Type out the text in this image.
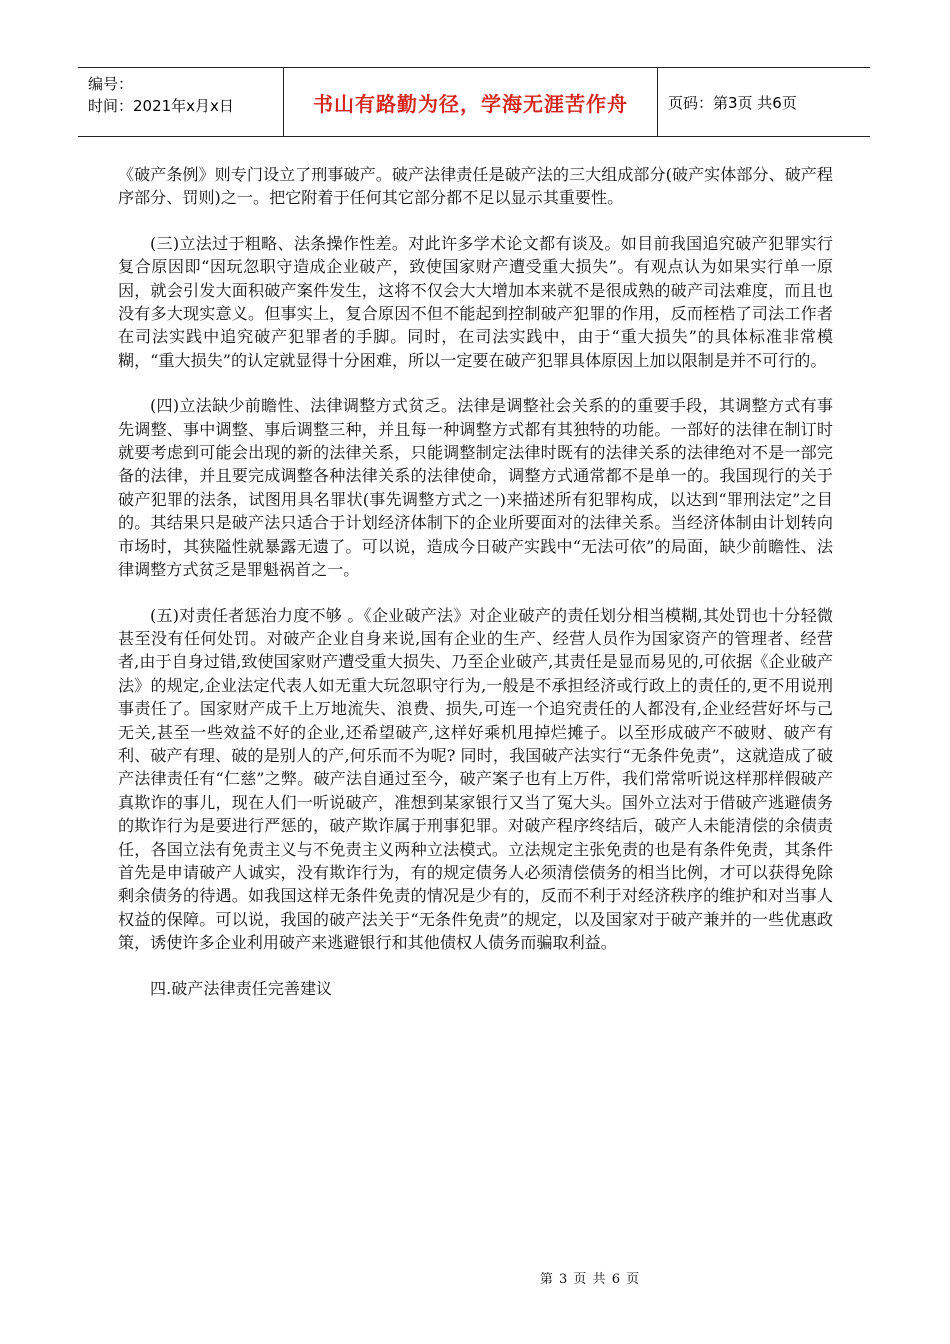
编号：
时间：2021年x月x日	书山有路勤为径，学海无涯苦作舟	页码：第3页 共6页

《破产条例》则专门设立了刑事破产。破产法律责任是破产法的三大组成部分(破产实体部分、破产程序部分、罚则)之一。把它附着于任何其它部分都不足以显示其重要性。

(三)立法过于粗略、法条操作性差。对此许多学术论文都有谈及。如目前我国追究破产犯罪实行复合原因即“因玩忽职守造成企业破产，致使国家财产遭受重大损失”。有观点认为如果实行单一原因，就会引发大面积破产案件发生，这将不仅会大大增加本来就不是很成熟的破产司法难度，而且也没有多大现实意义。但事实上，复合原因不但不能起到控制破产犯罪的作用，反而桎梏了司法工作者在司法实践中追究破产犯罪者的手脚。同时，在司法实践中，由于“重大损失”的具体标准非常模糊，“重大损失”的认定就显得十分困难，所以一定要在破产犯罪具体原因上加以限制是并不可行的。

(四)立法缺少前瞻性、法律调整方式贫乏。法律是调整社会关系的的重要手段，其调整方式有事先调整、事中调整、事后调整三种，并且每一种调整方式都有其独特的功能。一部好的法律在制订时就要考虑到可能会出现的新的法律关系，只能调整制定法律时既有的法律关系的法律绝对不是一部完备的法律，并且要完成调整各种法律关系的法律使命，调整方式通常都不是单一的。我国现行的关于破产犯罪的法条，试图用具名罪状(事先调整方式之一)来描述所有犯罪构成，以达到“罪刑法定”之目的。其结果只是破产法只适合于计划经济体制下的企业所要面对的法律关系。当经济体制由计划转向市场时，其狭隘性就暴露无遗了。可以说，造成今日破产实践中“无法可依”的局面，缺少前瞻性、法律调整方式贫乏是罪魁祸首之一。

(五)对责任者惩治力度不够 。《企业破产法》对企业破产的责任划分相当模糊,其处罚也十分轻微甚至没有任何处罚。对破产企业自身来说,国有企业的生产、经营人员作为国家资产的管理者、经营者,由于自身过错,致使国家财产遭受重大损失、乃至企业破产,其责任是显而易见的,可依据《企业破产法》的规定,企业法定代表人如无重大玩忽职守行为,一般是不承担经济或行政上的责任的,更不用说刑事责任了。国家财产成千上万地流失、浪费、损失,可连一个追究责任的人都没有,企业经营好坏与己无关,甚至一些效益不好的企业,还希望破产,这样好乘机甩掉烂摊子。以至形成破产不破财、破产有利、破产有理、破的是别人的产,何乐而不为呢? 同时，我国破产法实行“无条件免责”，这就造成了破产法律责任有“仁慈”之弊。破产法自通过至今，破产案子也有上万件，我们常常听说这样那样假破产真欺诈的事儿，现在人们一听说破产，准想到某家银行又当了冤大头。国外立法对于借破产逃避债务的欺诈行为是要进行严惩的，破产欺诈属于刑事犯罪。对破产程序终结后，破产人未能清偿的余债责任，各国立法有免责主义与不免责主义两种立法模式。立法规定主张免责的也是有条件免责，其条件首先是申请破产人诚实，没有欺诈行为，有的规定债务人必须清偿债务的相当比例，才可以获得免除剩余债务的待遇。如我国这样无条件免责的情况是少有的，反而不利于对经济秩序的维护和对当事人权益的保障。可以说，我国的破产法关于“无条件免责”的规定，以及国家对于破产兼并的一些优惠政策，诱使许多企业利用破产来逃避银行和其他债权人债务而骗取利益。

四.破产法律责任完善建议

第 3 页 共 6 页
